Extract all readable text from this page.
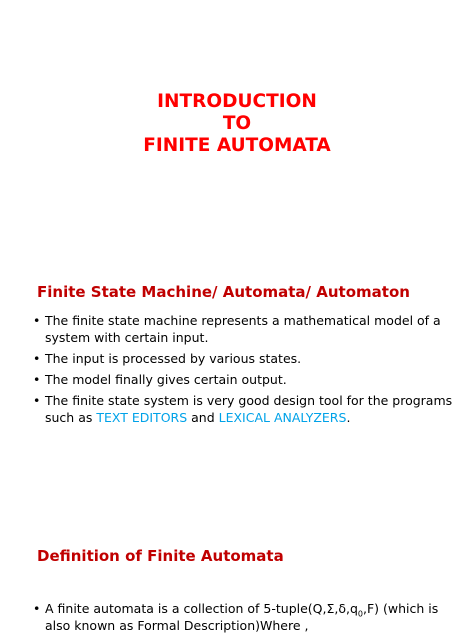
INTRODUCTION
TO
FINITE AUTOMATA
Finite State Machine/ Automata/ Automaton
• The finite state machine represents a mathematical model of a system with certain input.
• The input is processed by various states.
• The model finally gives certain output.
• The finite state system is very good design tool for the programs such as TEXT EDITORS and LEXICAL ANALYZERS.
Definition of Finite Automata
• A finite automata is a collection of $5-tuple(Q,\Sigma,\delta,q_0,F)$ (which is also known as Formal Description)Where ,
